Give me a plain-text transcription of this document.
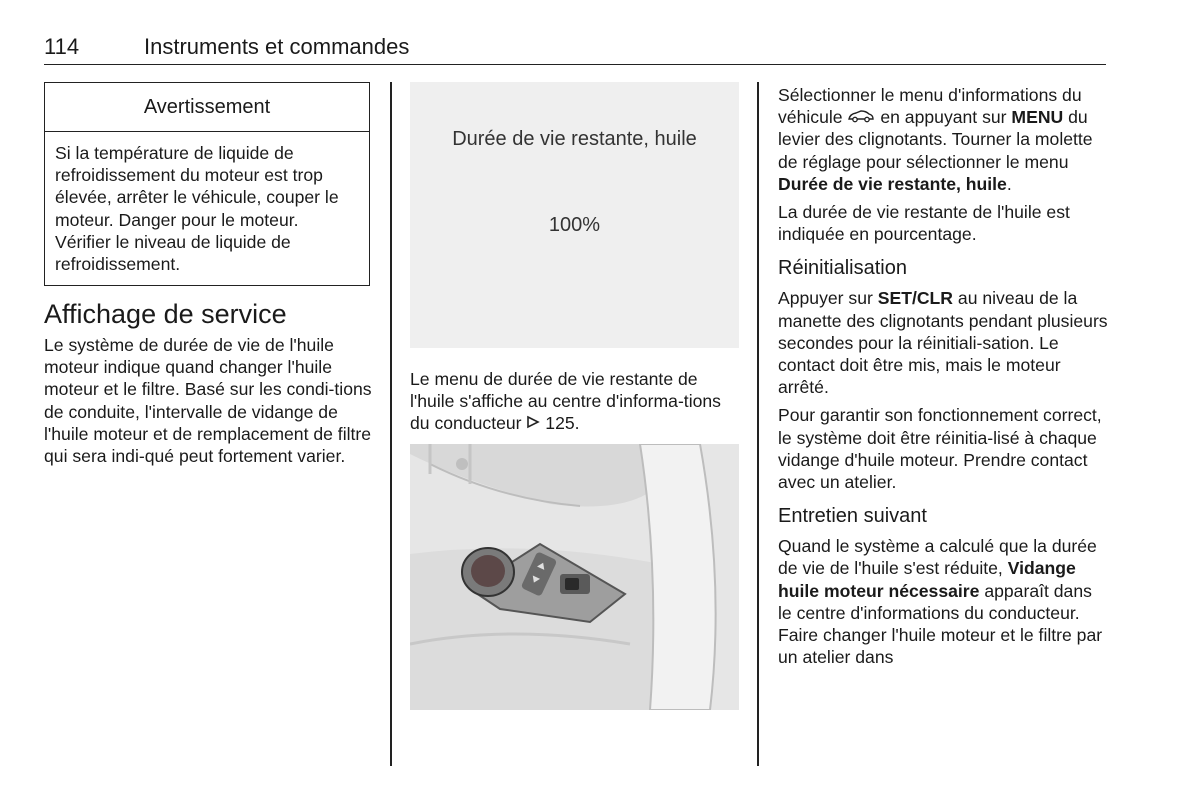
114	Instruments et commandes
Avertissement
Si la température de liquide de refroidissement du moteur est trop élevée, arrêter le véhicule, couper le moteur. Danger pour le moteur. Vérifier le niveau de liquide de refroidissement.
Affichage de service

Le système de durée de vie de l'huile moteur indique quand changer l'huile moteur et le filtre. Basé sur les condi-tions de conduite, l'intervalle de vidange de l'huile moteur et de remplacement de filtre qui sera indi-qué peut fortement varier.

Durée de vie restante, huile
100%
Le menu de durée de vie restante de l'huile s'affiche au centre d'informa-tions du conducteur 125.

Sélectionner le menu d'informations du véhicule en appuyant sur MENU du levier des clignotants. Tourner la molette de réglage pour sélectionner le menu Durée de vie restante, huile.

La durée de vie restante de l'huile est indiquée en pourcentage.

Réinitialisation

Appuyer sur SET/CLR au niveau de la manette des clignotants pendant plusieurs secondes pour la réinitiali-sation. Le contact doit être mis, mais le moteur arrêté.

Pour garantir son fonctionnement correct, le système doit être réinitia-lisé à chaque vidange d'huile moteur. Prendre contact avec un atelier.

Entretien suivant

Quand le système a calculé que la durée de vie de l'huile s'est réduite, Vidange huile moteur nécessaire apparaît dans le centre d'informations du conducteur. Faire changer l'huile moteur et le filtre par un atelier dans
